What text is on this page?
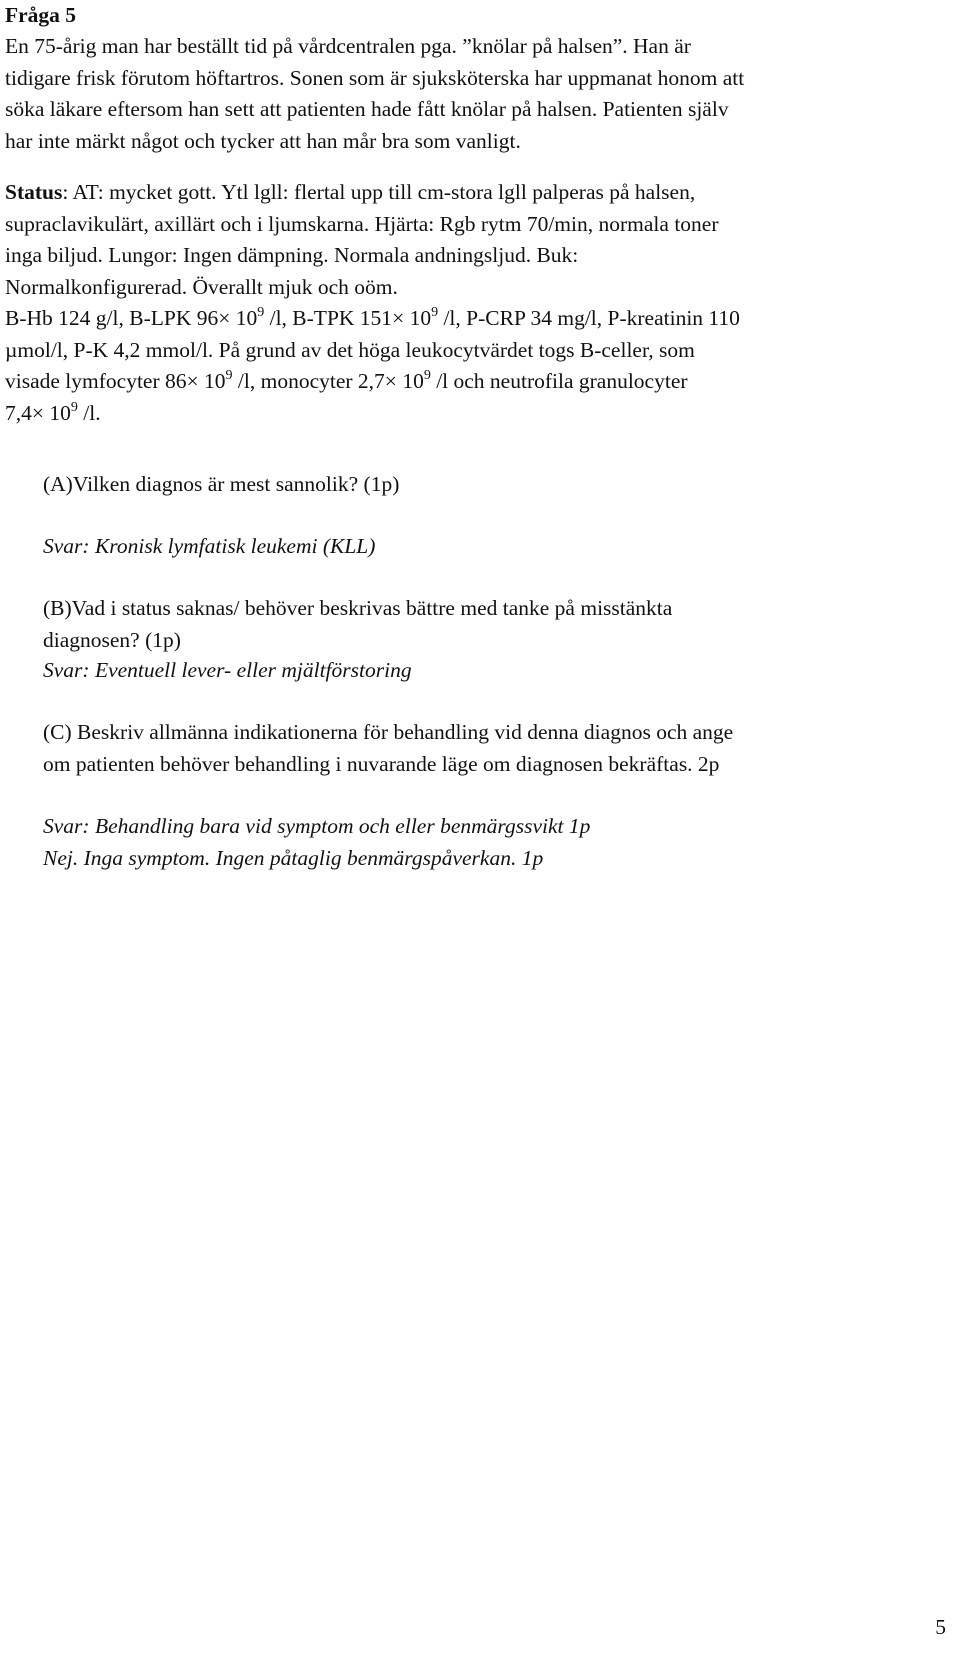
Fråga 5
En 75-årig man har beställt tid på vårdcentralen pga. ”knölar på halsen”. Han är
tidigare frisk förutom höftartros. Sonen som är sjuksköterska har uppmanat honom att
söka läkare eftersom han sett att patienten hade fått knölar på halsen. Patienten själv
har inte märkt något och tycker att han mår bra som vanligt.
Status: AT: mycket gott. Ytl lgll: flertal upp till cm-stora lgll palperas på halsen,
supraclavikulärt, axillärt och i ljumskarna. Hjärta: Rgb rytm 70/min, normala toner
inga biljud. Lungor: Ingen dämpning. Normala andningsljud. Buk:
Normalkonfigurerad. Överallt mjuk och oöm.
B-Hb 124 g/l, B-LPK $96\times 10^9$ /l, B-TPK $151\times 10^9$ /l, P-CRP 34 mg/l, P-kreatinin 110
µmol/l, P-K 4,2 mmol/l. På grund av det höga leukocytvärdet togs B-celler, som
visade lymfocyter $86\times 10^9$ /l, monocyter $2,7\times 10^9$ /l och neutrofila granulocyter
$7,4\times 10^9$ /l.
(A)Vilken diagnos är mest sannolik? (1p)
Svar: Kronisk lymfatisk leukemi (KLL)
(B)Vad i status saknas/ behöver beskrivas bättre med tanke på misstänkta
diagnosen? (1p)
Svar: Eventuell lever- eller mjältförstoring
(C) Beskriv allmänna indikationerna för behandling vid denna diagnos och ange
om patienten behöver behandling i nuvarande läge om diagnosen bekräftas. 2p
Svar: Behandling bara vid symptom och eller benmärgssvikt 1p
Nej. Inga symptom. Ingen påtaglig benmärgspåverkan. 1p
5
